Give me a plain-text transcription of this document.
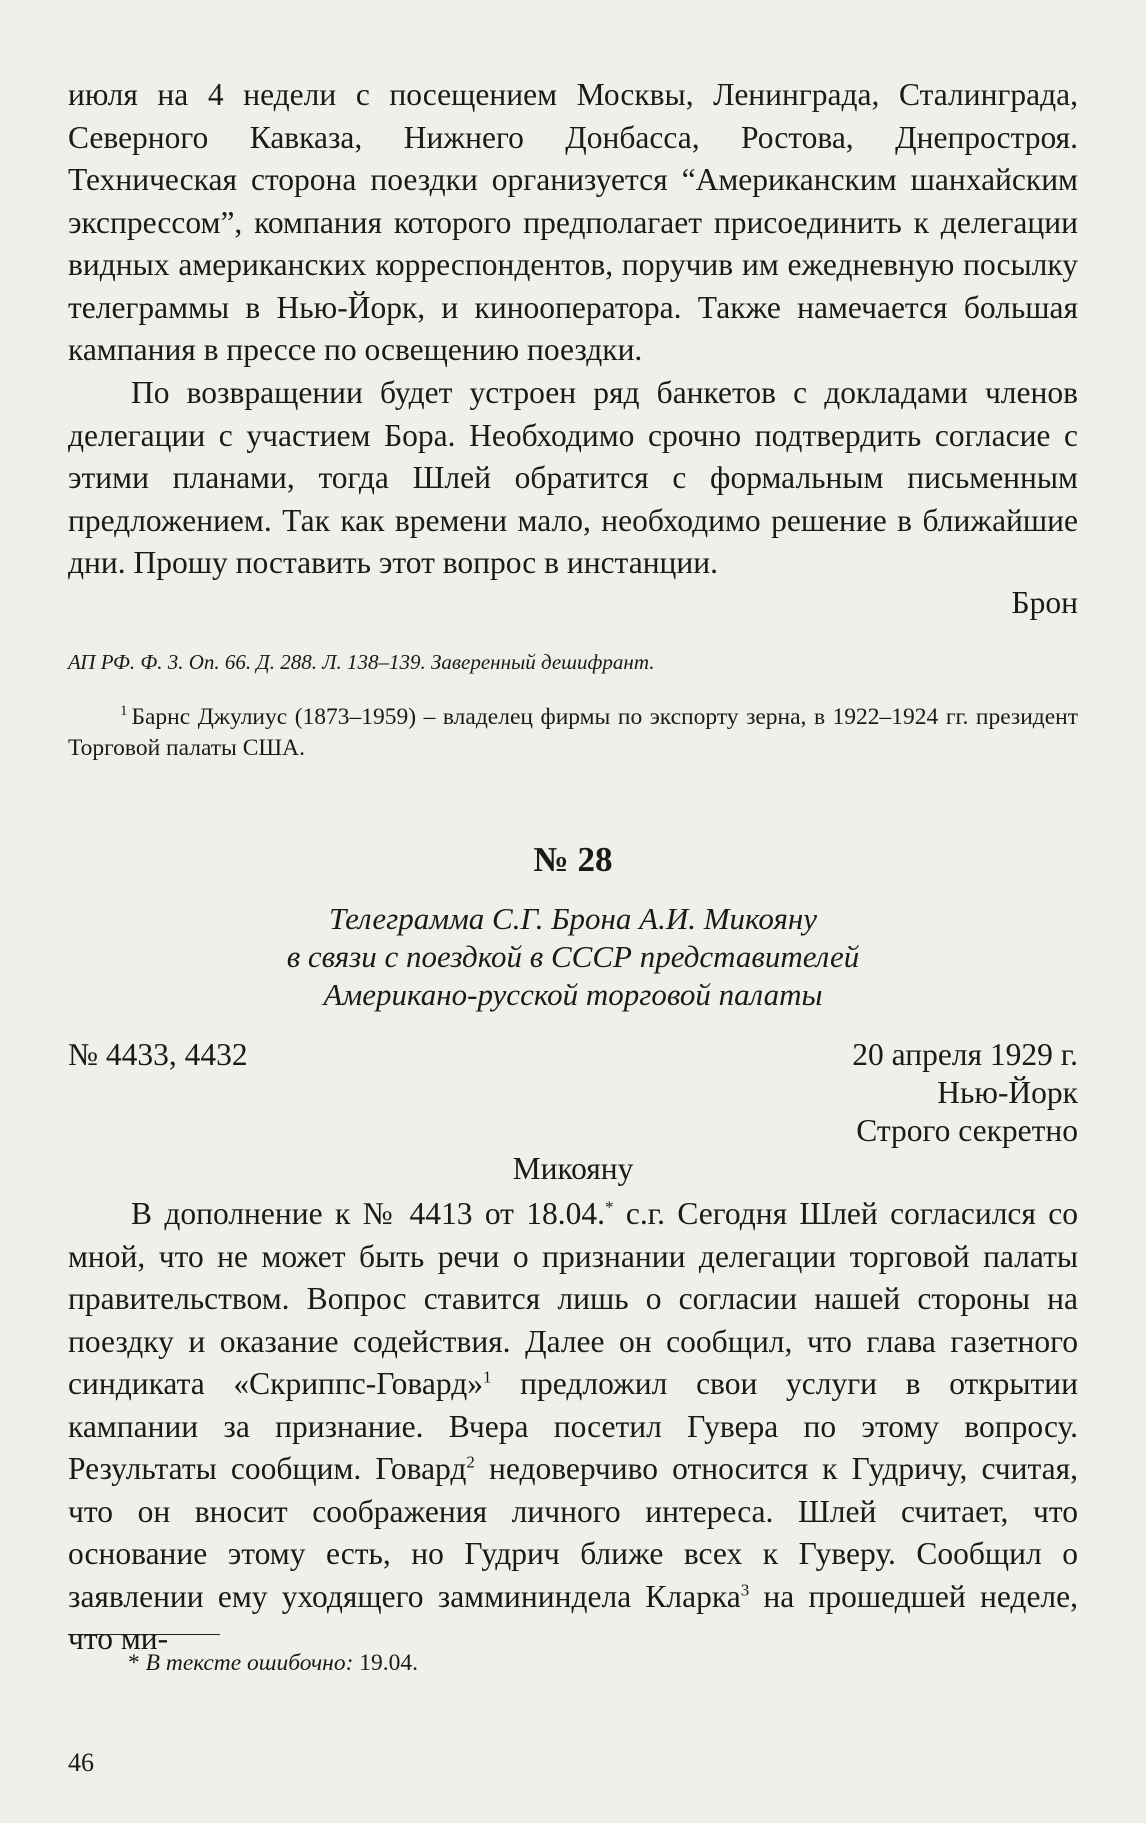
июля на 4 недели с посещением Москвы, Ленинграда, Сталинграда, Северного Кавказа, Нижнего Донбасса, Ростова, Днепростроя. Техническая сторона поездки организуется “Американским шанхайским экспрессом”, компания которого предполагает присоединить к делегации видных американских корреспондентов, поручив им ежедневную посылку телеграммы в Нью-Йорк, и кинооператора. Также намечается большая кампания в прессе по освещению поездки.

По возвращении будет устроен ряд банкетов с докладами членов делегации с участием Бора. Необходимо срочно подтвердить согласие с этими планами, тогда Шлей обратится с формальным письменным предложением. Так как времени мало, необходимо решение в ближайшие дни. Прошу поставить этот вопрос в инстанции.

Брон
АП РФ. Ф. 3. Оп. 66. Д. 288. Л. 138–139. Заверенный дешифрант.
$^1$ Барнс Джулиус (1873–1959) – владелец фирмы по экспорту зерна, в 1922–1924 гг. президент Торговой палаты США.
№ 28
Телеграмма С.Г. Брона А.И. Микояну
в связи с поездкой в СССР представителей
Американо-русской торговой палаты
№ 4433, 4432	20 апреля 1929 г.
Нью-Йорк
Строго секретно
Микояну

В дополнение к № 4413 от 18.04.* с.г. Сегодня Шлей согласился со мной, что не может быть речи о признании делегации торговой палаты правительством. Вопрос ставится лишь о согласии нашей стороны на поездку и оказание содействия. Далее он сообщил, что глава газетного синдиката «Скриппс-Говард»$^1$ предложил свои услуги в открытии кампании за признание. Вчера посетил Гувера по этому вопросу. Результаты сообщим. Говард$^2$ недоверчиво относится к Гудричу, считая, что он вносит соображения личного интереса. Шлей считает, что основание этому есть, но Гудрич ближе всех к Гуверу. Сообщил о заявлении ему уходящего заммининдела Кларка$^3$ на прошедшей неделе, что ми-

* В тексте ошибочно: 19.04.
46
